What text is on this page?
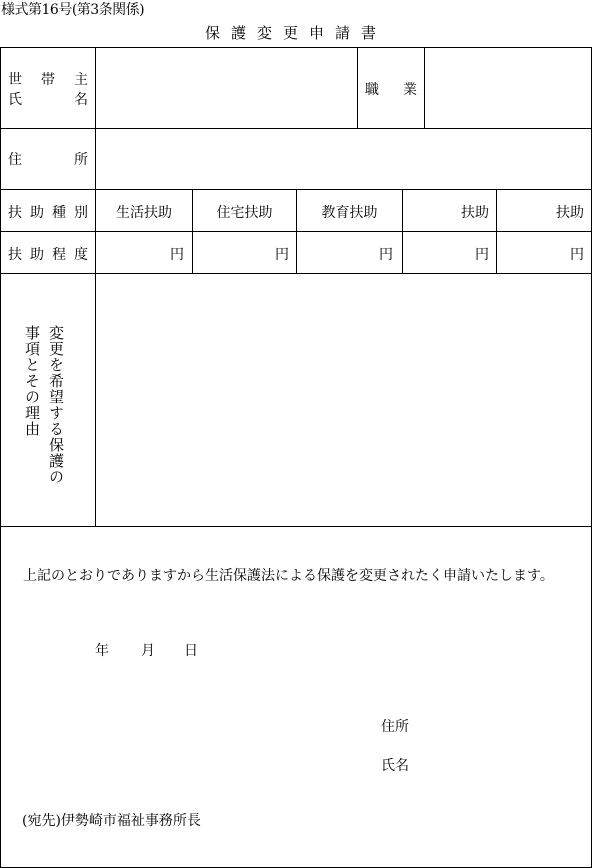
様式第16号(第3条関係)
保護変更申請書
世 帯 主
氏	名
職 業
住	所
扶 助 種 別	生活扶助	住宅扶助	教育扶助	扶助	扶助
扶 助 程 度	円	円	円	円	円
変更を希望する保護の
事項とその理由
上記のとおりでありますから生活保護法による保護を変更されたく申請いたします。
年 月 日
住所
氏名
(宛先)伊勢崎市福祉事務所長
